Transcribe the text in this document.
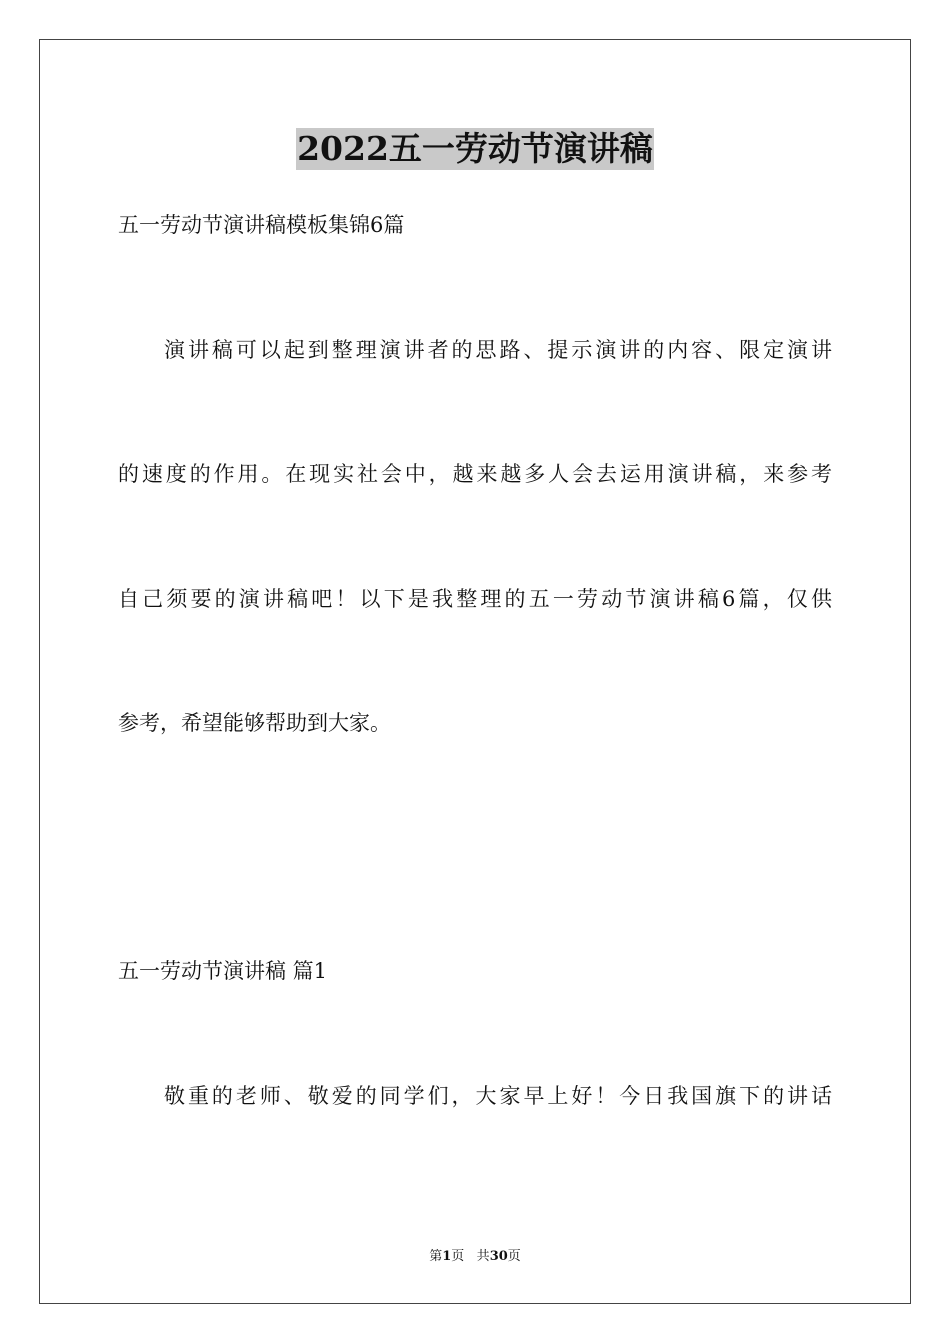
2022五一劳动节演讲稿
五一劳动节演讲稿模板集锦6篇
演讲稿可以起到整理演讲者的思路、提示演讲的内容、限定演讲
的速度的作用。在现实社会中，越来越多人会去运用演讲稿，来参考
自己须要的演讲稿吧！以下是我整理的五一劳动节演讲稿6篇，仅供
参考，希望能够帮助到大家。
五一劳动节演讲稿 篇1
敬重的老师、敬爱的同学们，大家早上好！今日我国旗下的讲话
第1页 共30页
